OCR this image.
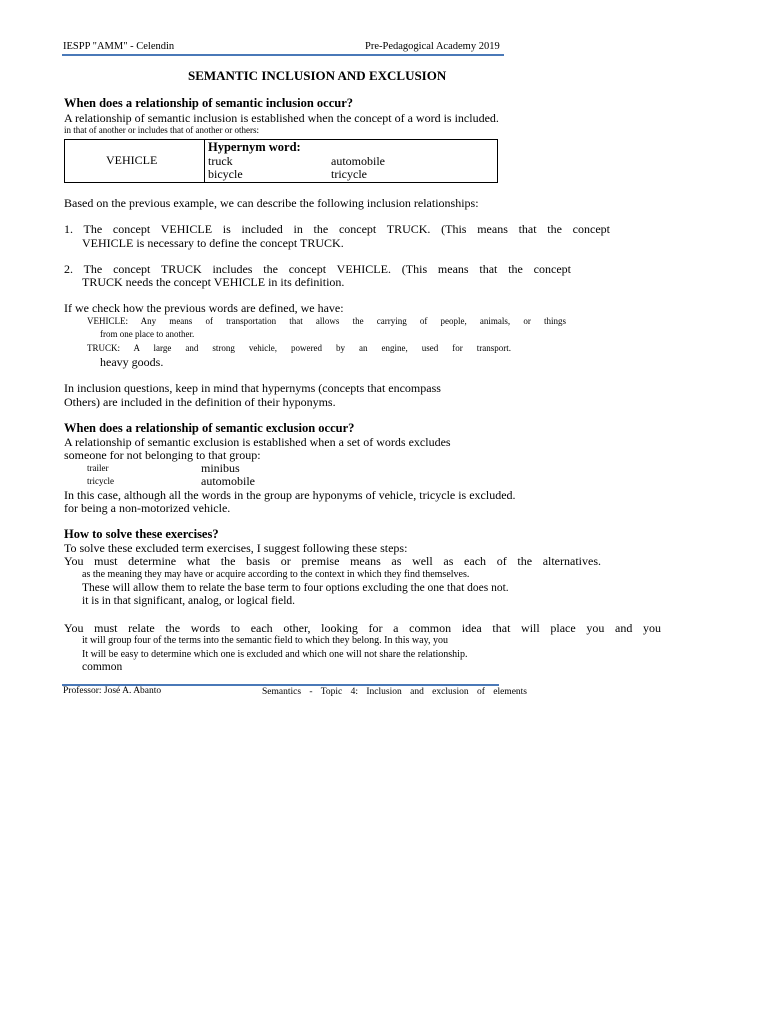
IESPP "AMM" - Celendin	Pre-Pedagogical Academy 2019
SEMANTIC INCLUSION AND EXCLUSION
When does a relationship of semantic inclusion occur?
A relationship of semantic inclusion is established when the concept of a word is included.
in that of another or includes that of another or others:
VEHICLE
Hypernym word:
truck	automobile
bicycle	tricycle
Based on the previous example, we can describe the following inclusion relationships:
1. The concept VEHICLE is included in the concept TRUCK. (This means that the concept
VEHICLE is necessary to define the concept TRUCK.
2. The concept TRUCK includes the concept VEHICLE. (This means that the concept
TRUCK needs the concept VEHICLE in its definition.
If we check how the previous words are defined, we have:
VEHICLE: Any means of transportation that allows the carrying of people, animals, or things
from one place to another.
TRUCK: A large and strong vehicle, powered by an engine, used for transport.
heavy goods.
In inclusion questions, keep in mind that hypernyms (concepts that encompass
Others) are included in the definition of their hyponyms.
When does a relationship of semantic exclusion occur?
A relationship of semantic exclusion is established when a set of words excludes
someone for not belonging to that group:
trailer	minibus
tricycle	automobile
In this case, although all the words in the group are hyponyms of vehicle, tricycle is excluded.
for being a non-motorized vehicle.
How to solve these exercises?
To solve these excluded term exercises, I suggest following these steps:
You must determine what the basis or premise means as well as each of the alternatives.
as the meaning they may have or acquire according to the context in which they find themselves.
These will allow them to relate the base term to four options excluding the one that does not.
it is in that significant, analog, or logical field.
You must relate the words to each other, looking for a common idea that will place you and you
it will group four of the terms into the semantic field to which they belong. In this way, you
It will be easy to determine which one is excluded and which one will not share the relationship.
common
Professor: José A. Abanto	Semantics - Topic 4: Inclusion and exclusion of elements
